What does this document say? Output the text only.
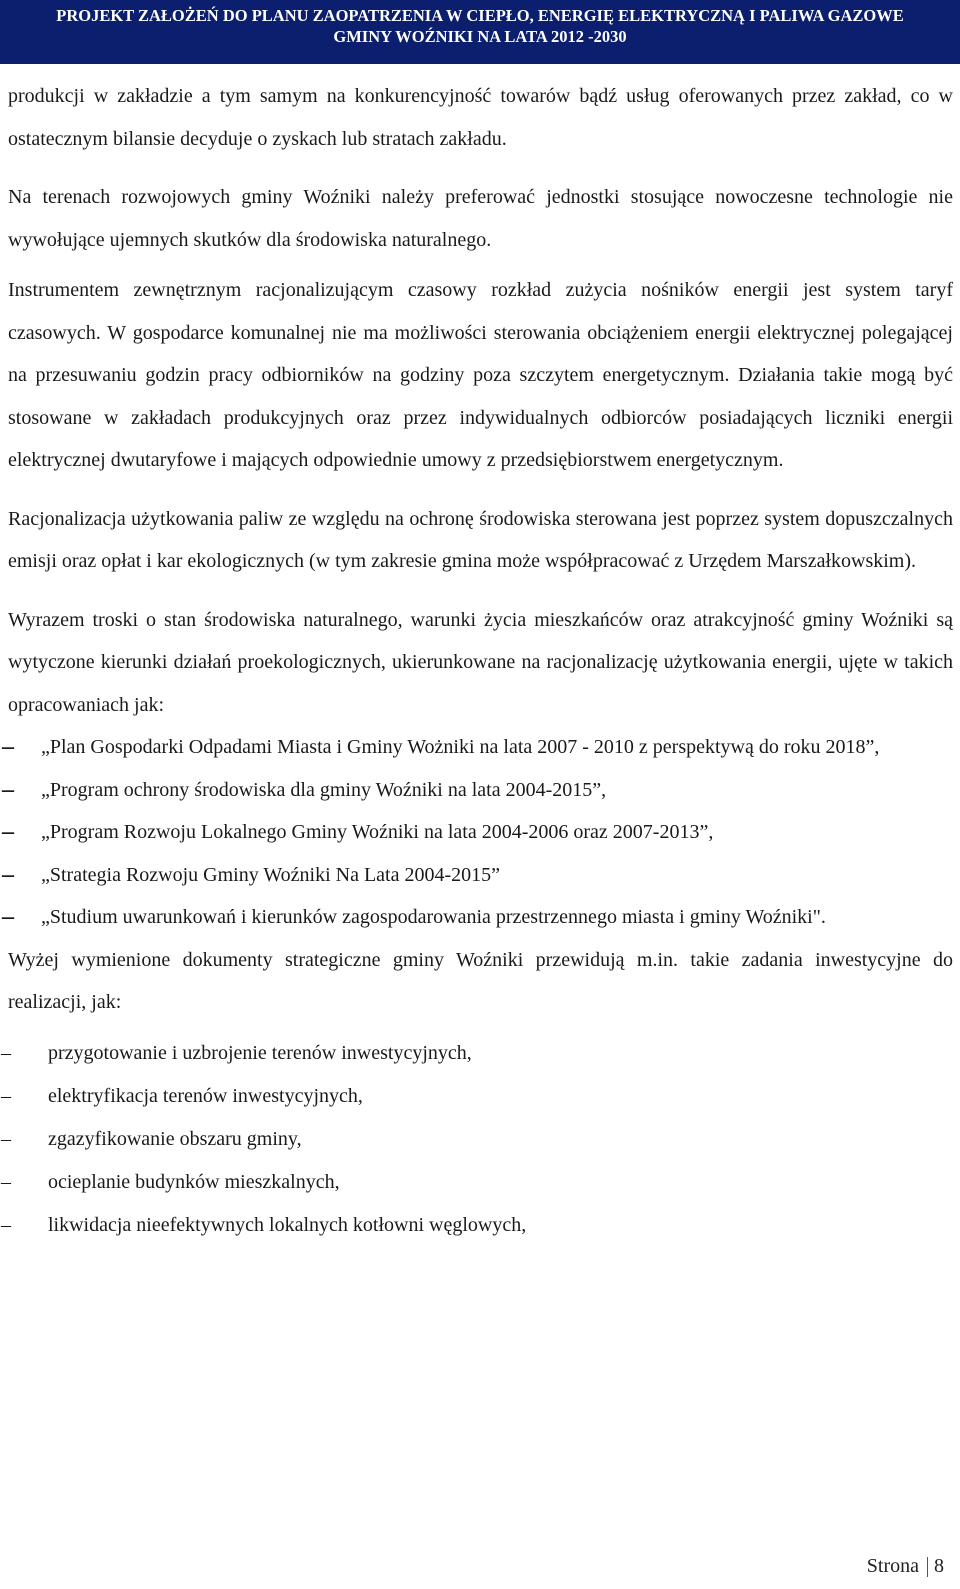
PROJEKT ZAŁOŻEŃ DO PLANU ZAOPATRZENIA W CIEPŁO, ENERGIĘ ELEKTRYCZNĄ I PALIWA GAZOWE
GMINY WOŹNIKI NA LATA 2012 -2030

produkcji w zakładzie a tym samym na konkurencyjność towarów bądź usług oferowanych przez zakład, co w ostatecznym bilansie decyduje o zyskach lub stratach zakładu.

Na terenach rozwojowych gminy Woźniki należy preferować jednostki stosujące nowoczesne technologie nie wywołujące ujemnych skutków dla środowiska naturalnego.

Instrumentem zewnętrznym racjonalizującym czasowy rozkład zużycia nośników energii jest system taryf czasowych. W gospodarce komunalnej nie ma możliwości sterowania obciążeniem energii elektrycznej polegającej na przesuwaniu godzin pracy odbiorników na godziny poza szczytem energetycznym. Działania takie mogą być stosowane w zakładach produkcyjnych oraz przez indywidualnych odbiorców posiadających liczniki energii elektrycznej dwutaryfowe i mających odpowiednie umowy z przedsiębiorstwem energetycznym.

Racjonalizacja użytkowania paliw ze względu na ochronę środowiska sterowana jest poprzez system dopuszczalnych emisji oraz opłat i kar ekologicznych (w tym zakresie gmina może współpracować z Urzędem Marszałkowskim).

Wyrazem troski o stan środowiska naturalnego, warunki życia mieszkańców oraz atrakcyjność gminy Woźniki są wytyczone kierunki działań proekologicznych, ukierunkowane na racjonalizację użytkowania energii, ujęte w takich opracowaniach jak:

– „Plan Gospodarki Odpadami Miasta i Gminy Wożniki na lata 2007 - 2010 z perspektywą do roku 2018”,
– „Program ochrony środowiska dla gminy Woźniki na lata 2004-2015”,
– „Program Rozwoju Lokalnego Gminy Woźniki na lata 2004-2006 oraz 2007-2013”,
– „Strategia Rozwoju Gminy Woźniki Na Lata 2004-2015”
– „Studium uwarunkowań i kierunków zagospodarowania przestrzennego miasta i gminy Woźniki".

Wyżej wymienione dokumenty strategiczne gminy Woźniki przewidują m.in. takie zadania inwestycyjne do realizacji, jak:

– przygotowanie i uzbrojenie terenów inwestycyjnych,
– elektryfikacja terenów inwestycyjnych,
– zgazyfikowanie obszaru gminy,
– ocieplanie budynków mieszkalnych,
– likwidacja nieefektywnych lokalnych kotłowni węglowych,
Strona 8
